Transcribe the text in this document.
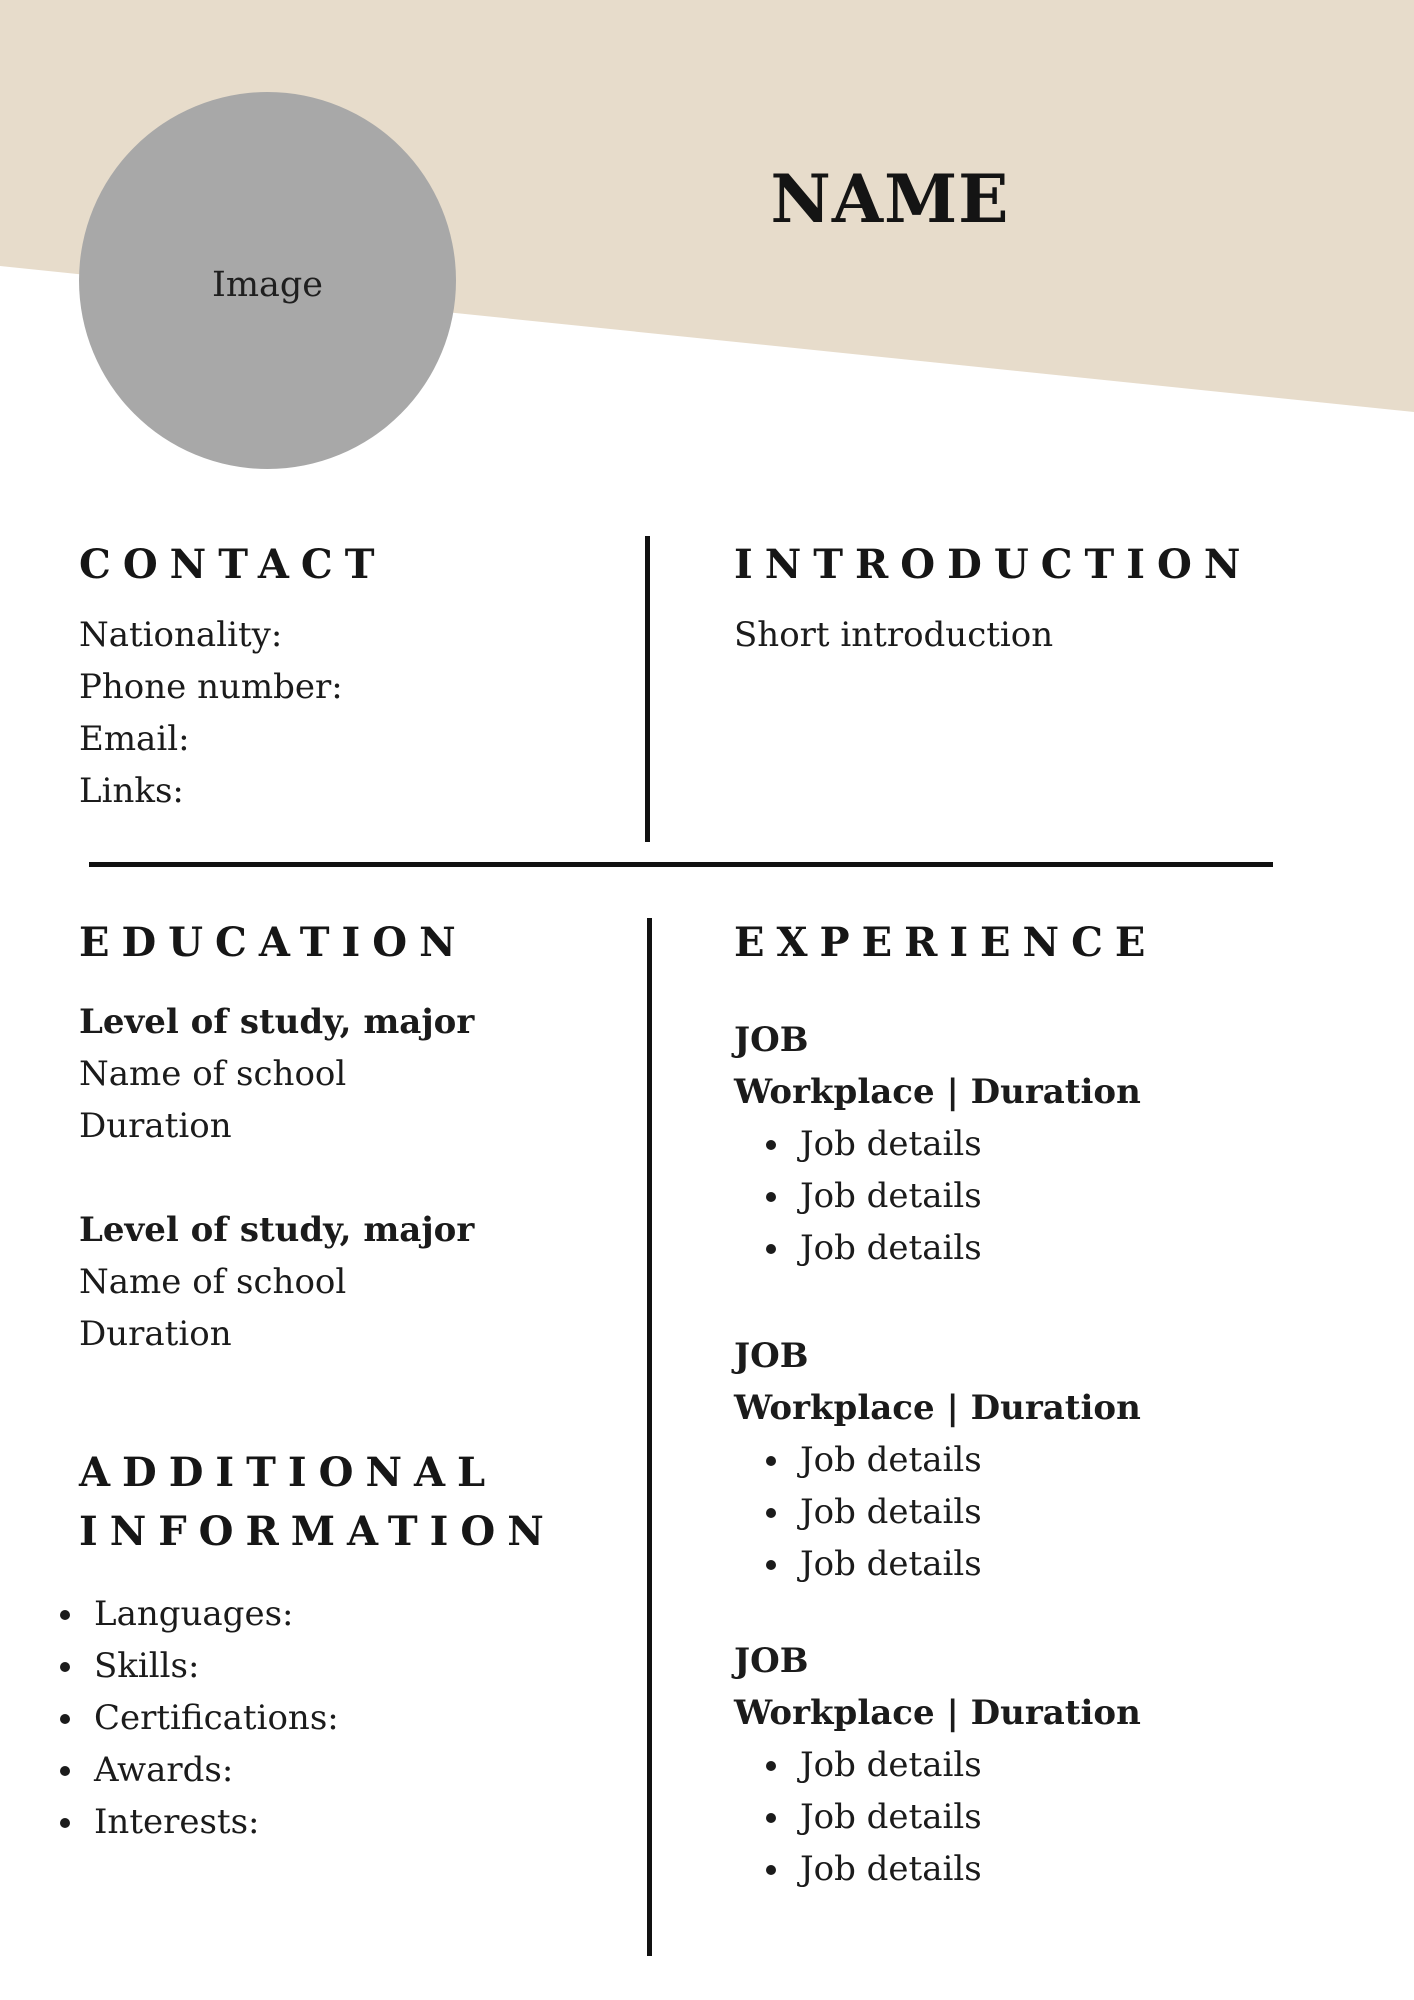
Image
NAME
CONTACT
Nationality:
Phone number:
Email:
Links:
INTRODUCTION

Short introduction

EDUCATION
Level of study, major
Name of school
Duration
Level of study, major
Name of school
Duration
ADDITIONAL
INFORMATION
Languages:
Skills:
Certifications:
Awards:
Interests:
EXPERIENCE
JOB
Workplace | Duration
Job details
Job details
Job details
JOB
Workplace | Duration
Job details
Job details
Job details
JOB
Workplace | Duration
Job details
Job details
Job details
